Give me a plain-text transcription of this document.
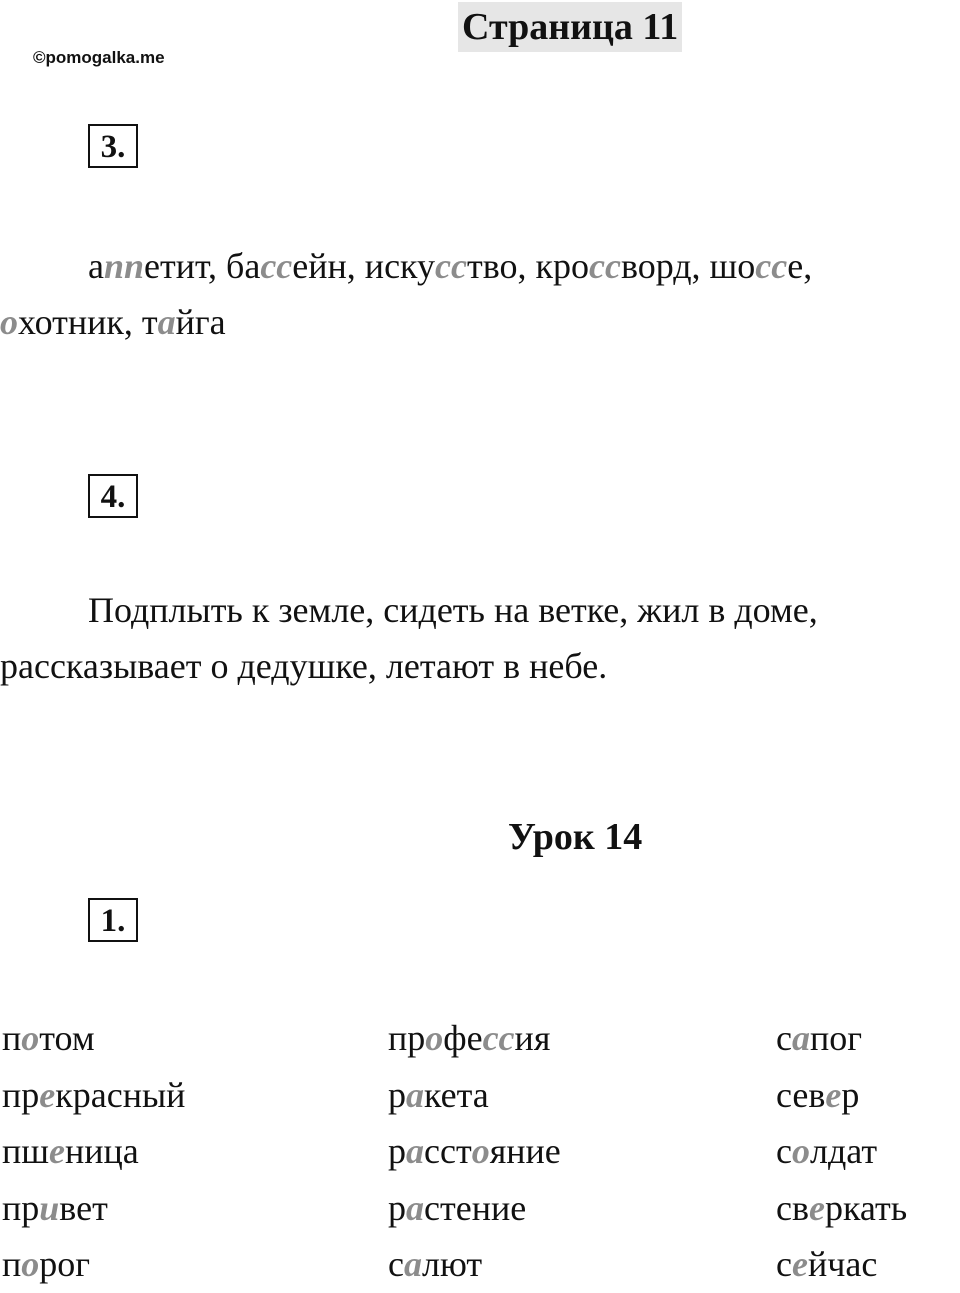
©pomogalka.me
Страница 11
3.

аппетит, бассейн, искусство, кроссворд, шоссе,
охотник, тайга

4.

Подплыть к земле, сидеть на ветке, жил в доме,
рассказывает о дедушке, летают в небе.

Урок 14
1.
потом
прекрасный
пшеница
привет
порог
профессия
ракета
расстояние
растение
салют
сапог
север
солдат
сверкать
сейчас
